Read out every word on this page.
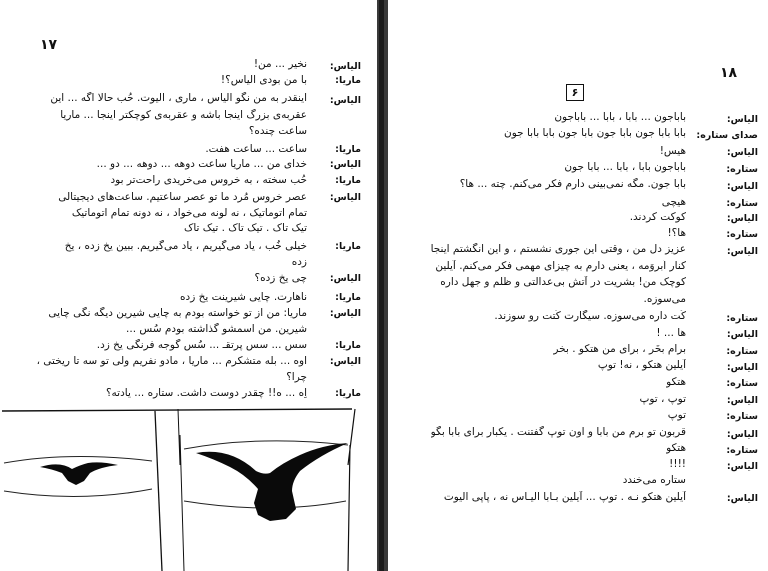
۱۷
الیاس:
ماریا:
الیاس:
ماریا:
الیاس:
ماریا:
الیاس:
ماریا:
الیاس:
ماریا:
الیاس:
ماریا:
الیاس:
ماریا:
نخیر ... من!
با من بودی الیاس؟!
اینقدر به من نگو الیاس ، ماری ، الیوت. حُب حالا اگه ... این
عقربه‌ی بزرگ اینجا باشه و عقربه‌ی کوچکتر اینجا ... ماریا
ساعت چنده؟
ساعت ... ساعت هفت.
خدای من ... ماریا ساعت دوهه ... دوهه ... دو ...
حُب سخته ، به خروس می‌خریدی راحت‌تر بود
عصر خروس مُرد ما تو عصر ساعتیم. ساعت‌های دیجیتالی
تمام اتوماتیک ، نه لونه می‌خواد ، نه دونه تمام اتوماتیک
تیک تاک . تیک تاک . تیک تاک
خیلی خُب ، یاد می‌گیریم ، یاد می‌گیریم. ببین یخ زده ، یخ
زده
چی یخ زده؟
ناهارت. چایی شیرینت یخ زده
ماریا: من از تو خواسته بودم به چایی شیرین دیگه نگی چایی
شیرین. من اسمشو گذاشته بودم سُس ...
سس ... سس پرتقـ ... سُس گوجه فرنگی یخ زد.
اوه ... بله متشکرم ... ماریا ، مادو نفریم ولی تو سه تا ریختی ،
چرا؟
اِه ... ه!! چقدر دوست داشت. ستاره ... یادته؟
۱۸
۶
الیاس:
صدای ستاره:
الیاس:
ستاره:
الیاس:
ستاره:
الیاس:
ستاره:
الیاس:
ستاره:
الیاس:
ستاره:
الیاس:
ستاره:
الیاس:
ستاره:
الیاس:
ستاره:
الیاس:
الیاس:
باباجون ... بابا ، بابا ... باباجون
بابا بابا جون بابا جون بابا جون بابا بابا جون
هیس!
باباجون بابا ، بابا ... بابا جون
بابا جون. مگه نمی‌بینی دارم فکر می‌کنم. چته ... ها؟
هیچی
کوکت کردند.
ها؟!
عزیز دل من ، وقتی این جوری نشستم ، و این انگشتم اینجا
کنار اَبروَمه ، یعنی دارم به چیزای مهمی فکر می‌کنم. آیلین
کوچک من! بشریت در آتش بی‌عدالتی و ظُلم و جهل داره
می‌سوزه.
کُت داره می‌سوزه. سیگارت کُتت رو سوزند.
ها ... !
برام بخَر ، برای من هتکو . بخر
آیلین هتکو ، نه! توپ
هتکو
توپ ، توپ
توپ
قربون تو برم من بابا و اون توپ گفتنت . یکبار برای بابا بگو
هتکو
!!!!
ستاره می‌خندد
آیلین هتکو نـه . توپ ... آیلین بـابا الیـاس نه ، پاپی الیوت
